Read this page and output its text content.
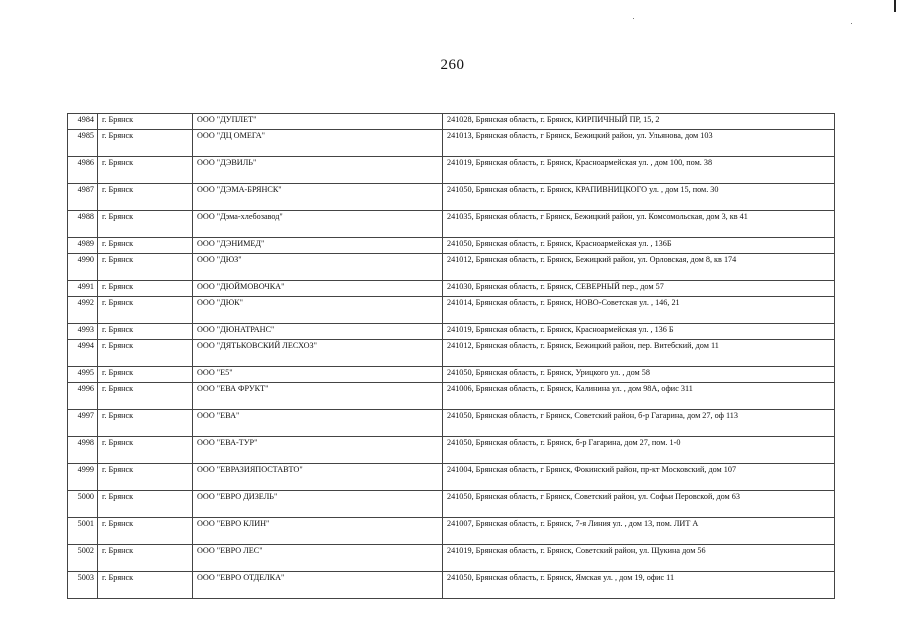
260
4984	г. Брянск	ООО "ДУПЛЕТ"	241028, Брянская область, г. Брянск, КИРПИЧНЫЙ ПР, 15, 2
4985	г. Брянск	ООО "ДЦ ОМЕГА"	241013, Брянская область, г Брянск, Бежицкий район, ул. Ульянова, дом 103
4986	г. Брянск	ООО "ДЭВИЛЬ"	241019, Брянская область, г. Брянск, Красноармейская ул. , дом 100, пом. 38
4987	г. Брянск	ООО "ДЭМА-БРЯНСК"	241050, Брянская область, г. Брянск, КРАПИВНИЦКОГО ул. , дом 15, пом. 30
4988	г. Брянск	ООО "Дэма-хлебозавод"	241035, Брянская область, г Брянск, Бежицкий район, ул. Комсомольская, дом 3, кв 41
4989	г. Брянск	ООО "ДЭНИМЕД"	241050, Брянская область, г. Брянск, Красноармейская ул. , 136Б
4990	г. Брянск	ООО "ДЮЗ"	241012, Брянская область, г. Брянск, Бежицкий район, ул. Орловская, дом 8, кв 174
4991	г. Брянск	ООО "ДЮЙМОВОЧКА"	241030, Брянская область, г. Брянск, СЕВЕРНЫЙ пер., дом 57
4992	г. Брянск	ООО "ДЮК"	241014, Брянская область, г. Брянск, НОВО-Советская ул. , 146, 21
4993	г. Брянск	ООО "ДЮНАТРАНС"	241019, Брянская область, г. Брянск, Красноармейская ул. , 136 Б
4994	г. Брянск	ООО "ДЯТЬКОВСКИЙ ЛЕСХОЗ"	241012, Брянская область, г. Брянск, Бежицкий район, пер. Витебский, дом 11
4995	г. Брянск	ООО "Е5"	241050, Брянская область, г. Брянск, Урицкого ул. , дом 58
4996	г. Брянск	ООО "ЕВА ФРУКТ"	241006, Брянская область, г. Брянск, Калинина ул. , дом 98А, офис 311
4997	г. Брянск	ООО "ЕВА"	241050, Брянская область, г Брянск, Советский район, б-р Гагарина, дом 27, оф 113
4998	г. Брянск	ООО "ЕВА-ТУР"	241050, Брянская область, г. Брянск, б-р Гагарина, дом 27, пом. 1-0
4999	г. Брянск	ООО "ЕВРАЗИЯПОСТАВТО"	241004, Брянская область, г Брянск, Фокинский район, пр-кт Московский, дом 107
5000	г. Брянск	ООО "ЕВРО ДИЗЕЛЬ"	241050, Брянская область, г Брянск, Советский район, ул. Софьи Перовской, дом 63
5001	г. Брянск	ООО "ЕВРО КЛИН"	241007, Брянская область, г. Брянск, 7-я Линия ул. , дом 13, пом. ЛИТ А
5002	г. Брянск	ООО "ЕВРО ЛЕС"	241019, Брянская область, г. Брянск, Советский район, ул. Щукина дом 56
5003	г. Брянск	ООО "ЕВРО ОТДЕЛКА"	241050, Брянская область, г. Брянск, Ямская ул. , дом 19, офис 11
